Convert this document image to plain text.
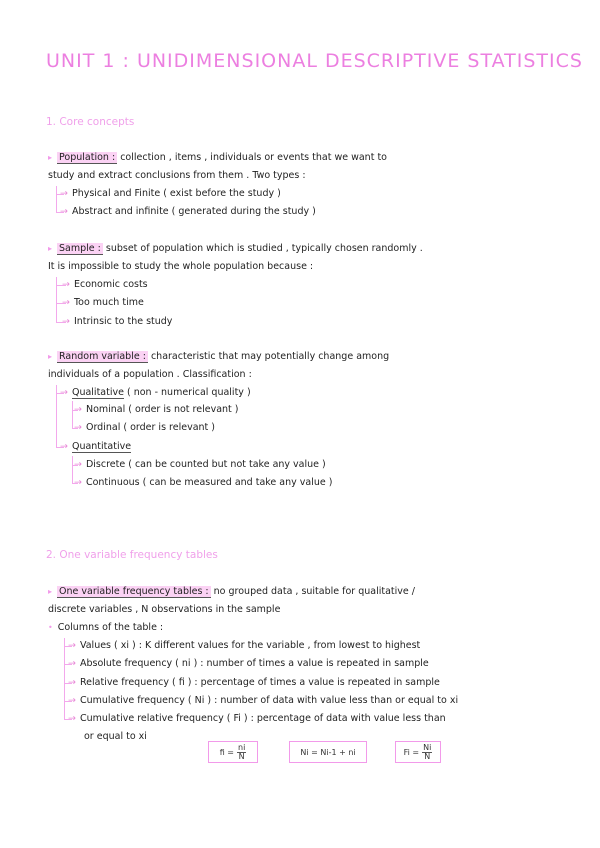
UNIT 1 : UNIDIMENSIONAL DESCRIPTIVE STATISTICS
1. Core concepts
▸ Population : collection , items , individuals or events that we want to
study and extract conclusions from them . Two types :
→ Physical and Finite ( exist before the study )
→ Abstract and infinite ( generated during the study )
▸ Sample : subset of population which is studied , typically chosen randomly .
It is impossible to study the whole population because :
→ Economic costs
→ Too much time
→ Intrinsic to the study
▸ Random variable : characteristic that may potentially change among
individuals of a population . Classification :
→ Qualitative ( non - numerical quality )
→ Nominal ( order is not relevant )
→ Ordinal ( order is relevant )
→ Quantitative
→ Discrete ( can be counted but not take any value )
→ Continuous ( can be measured and take any value )
2. One variable frequency tables
▸ One variable frequency tables : no grouped data , suitable for qualitative /
discrete variables , N observations in the sample
• Columns of the table :
→ Values ( xi ) : K different values for the variable , from lowest to highest
→ Absolute frequency ( ni ) : number of times a value is repeated in sample
→ Relative frequency ( fi ) : percentage of times a value is repeated in sample
→ Cumulative frequency ( Ni ) : number of data with value less than or equal to xi
→ Cumulative relative frequency ( Fi ) : percentage of data with value less than
or equal to xi
fi = $\frac{ni}{N}$	Ni = Ni-1 + ni	$Fi = \frac{Ni}{N}$
